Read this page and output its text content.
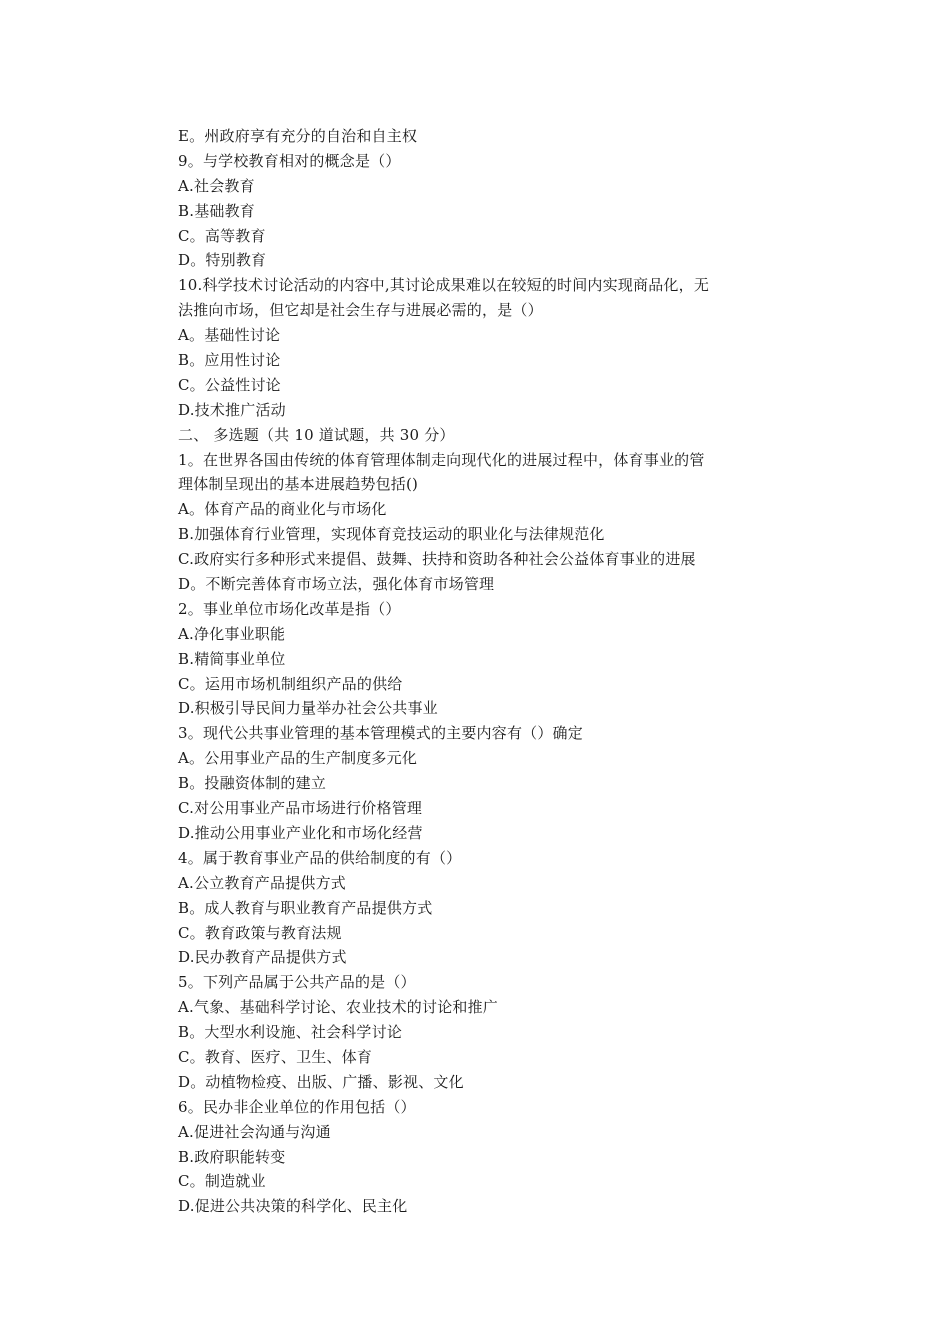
E。州政府享有充分的自治和自主权
9。与学校教育相对的概念是（）
A.社会教育
B.基础教育
C。高等教育
D。特别教育
10.科学技术讨论活动的内容中,其讨论成果难以在较短的时间内实现商品化，无
法推向市场，但它却是社会生存与进展必需的，是（）
A。基础性讨论
B。应用性讨论
C。公益性讨论
D.技术推广活动
二、 多选题（共 10 道试题，共 30 分）
1。在世界各国由传统的体育管理体制走向现代化的进展过程中，体育事业的管
理体制呈现出的基本进展趋势包括()
A。体育产品的商业化与市场化
B.加强体育行业管理，实现体育竞技运动的职业化与法律规范化
C.政府实行多种形式来提倡、鼓舞、扶持和资助各种社会公益体育事业的进展
D。不断完善体育市场立法，强化体育市场管理
2。事业单位市场化改革是指（）
A.净化事业职能
B.精简事业单位
C。运用市场机制组织产品的供给
D.积极引导民间力量举办社会公共事业
3。现代公共事业管理的基本管理模式的主要内容有（）确定
A。公用事业产品的生产制度多元化
B。投融资体制的建立
C.对公用事业产品市场进行价格管理
D.推动公用事业产业化和市场化经营
4。属于教育事业产品的供给制度的有（）
A.公立教育产品提供方式
B。成人教育与职业教育产品提供方式
C。教育政策与教育法规
D.民办教育产品提供方式
5。下列产品属于公共产品的是（）
A.气象、基础科学讨论、农业技术的讨论和推广
B。大型水利设施、社会科学讨论
C。教育、医疗、卫生、体育
D。动植物检疫、出版、广播、影视、文化
6。民办非企业单位的作用包括（）
A.促进社会沟通与沟通
B.政府职能转变
C。制造就业
D.促进公共决策的科学化、民主化
